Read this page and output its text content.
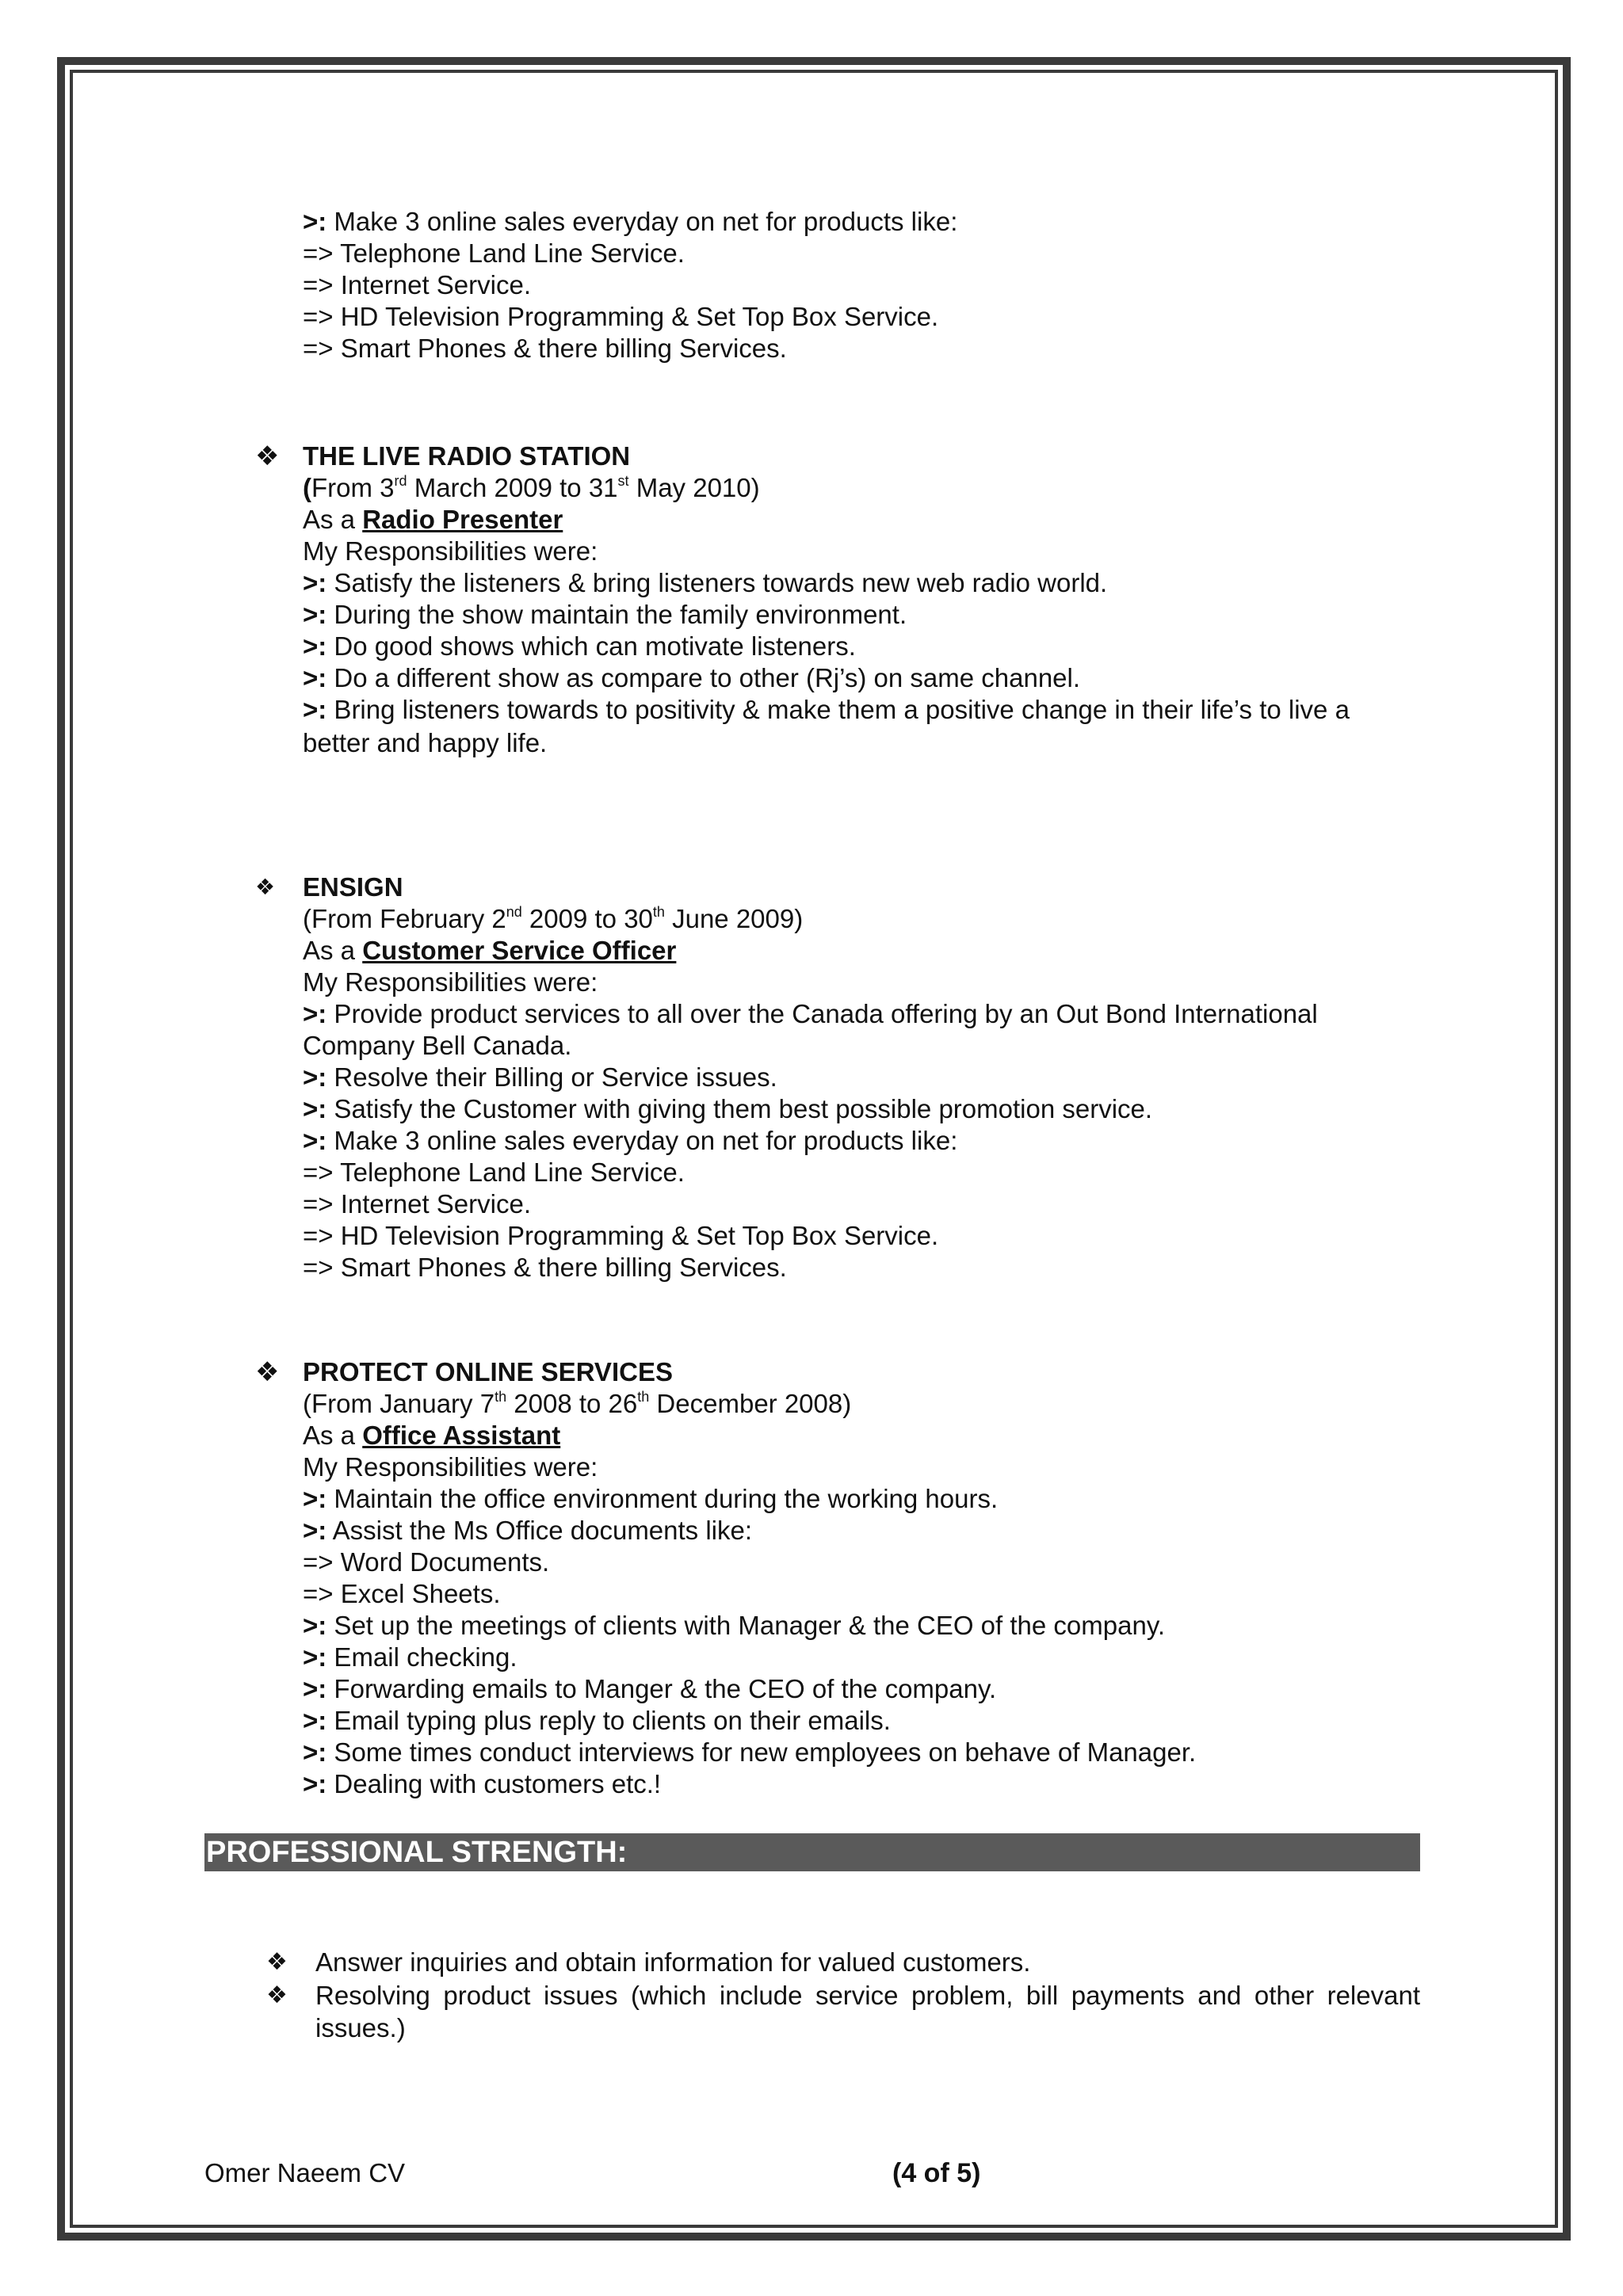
>: Make 3 online sales everyday on net for products like:
=> Telephone Land Line Service.
=> Internet Service.
=> HD Television Programming & Set Top Box Service.
=> Smart Phones & there billing Services.
❖ THE LIVE RADIO STATION
(From 3rd March 2009 to 31st May 2010)
As a Radio Presenter
My Responsibilities were:
>: Satisfy the listeners & bring listeners towards new web radio world.
>: During the show maintain the family environment.
>: Do good shows which can motivate listeners.
>: Do a different show as compare to other (Rj’s) on same channel.
>: Bring listeners towards to positivity & make them a positive change in their life’s to live a
better and happy life.
❖ ENSIGN
(From February 2nd 2009 to 30th June 2009)
As a Customer Service Officer
My Responsibilities were:
>: Provide product services to all over the Canada offering by an Out Bond International
Company Bell Canada.
>: Resolve their Billing or Service issues.
>: Satisfy the Customer with giving them best possible promotion service.
>: Make 3 online sales everyday on net for products like:
=> Telephone Land Line Service.
=> Internet Service.
=> HD Television Programming & Set Top Box Service.
=> Smart Phones & there billing Services.
❖ PROTECT ONLINE SERVICES
(From January 7th 2008 to 26th December 2008)
As a Office Assistant
My Responsibilities were:
>: Maintain the office environment during the working hours.
>: Assist the Ms Office documents like:
=> Word Documents.
=> Excel Sheets.
>: Set up the meetings of clients with Manager & the CEO of the company.
>: Email checking.
>: Forwarding emails to Manger & the CEO of the company.
>: Email typing plus reply to clients on their emails.
>: Some times conduct interviews for new employees on behave of Manager.
>: Dealing with customers etc.!
PROFESSIONAL STRENGTH:
❖ Answer inquiries and obtain information for valued customers.
❖ Resolving product issues (which include service problem, bill payments and other relevant issues.)
Omer Naeem CV	(4 of 5)
